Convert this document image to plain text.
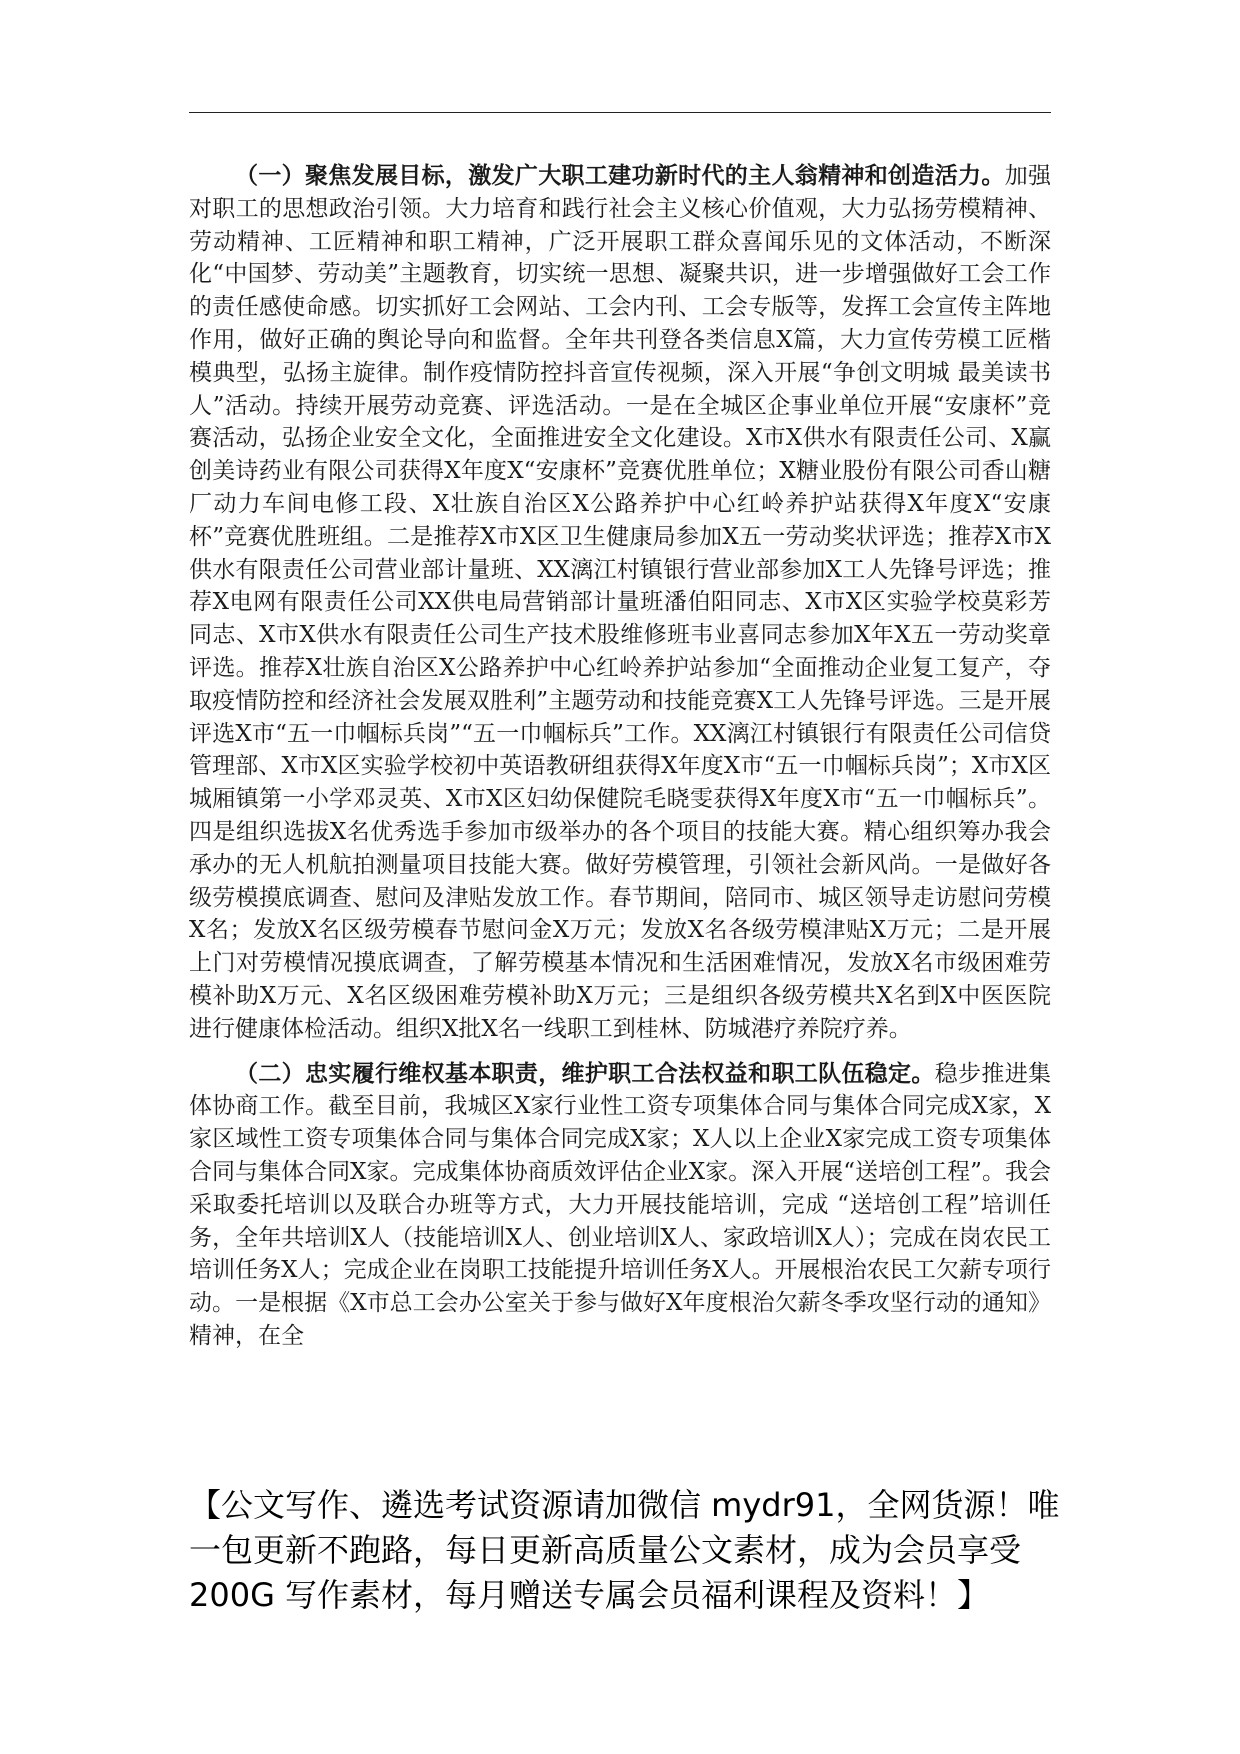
（一）聚焦发展目标，激发广大职工建功新时代的主人翁精神和创造活力。加强对职工的思想政治引领。大力培育和践行社会主义核心价值观，大力弘扬劳模精神、劳动精神、工匠精神和职工精神，广泛开展职工群众喜闻乐见的文体活动，不断深化“中国梦、劳动美”主题教育，切实统一思想、凝聚共识，进一步增强做好工会工作的责任感使命感。切实抓好工会网站、工会内刊、工会专版等，发挥工会宣传主阵地作用，做好正确的舆论导向和监督。全年共刊登各类信息X篇，大力宣传劳模工匠楷模典型，弘扬主旋律。制作疫情防控抖音宣传视频，深入开展“争创文明城 最美读书人”活动。持续开展劳动竞赛、评选活动。一是在全城区企事业单位开展“安康杯”竞赛活动，弘扬企业安全文化，全面推进安全文化建设。X市X供水有限责任公司、X赢创美诗药业有限公司获得X年度X“安康杯”竞赛优胜单位；X糖业股份有限公司香山糖厂动力车间电修工段、X壮族自治区X公路养护中心红岭养护站获得X年度X“安康杯”竞赛优胜班组。二是推荐X市X区卫生健康局参加X五一劳动奖状评选；推荐X市X供水有限责任公司营业部计量班、XX漓江村镇银行营业部参加X工人先锋号评选；推荐X电网有限责任公司XX供电局营销部计量班潘伯阳同志、X市X区实验学校莫彩芳同志、X市X供水有限责任公司生产技术股维修班韦业喜同志参加X年X五一劳动奖章评选。推荐X壮族自治区X公路养护中心红岭养护站参加“全面推动企业复工复产，夺取疫情防控和经济社会发展双胜利”主题劳动和技能竞赛X工人先锋号评选。三是开展评选X市“五一巾帼标兵岗”“五一巾帼标兵”工作。XX漓江村镇银行有限责任公司信贷管理部、X市X区实验学校初中英语教研组获得X年度X市“五一巾帼标兵岗”；X市X区城厢镇第一小学邓灵英、X市X区妇幼保健院毛晓雯获得X年度X市“五一巾帼标兵”。四是组织选拔X名优秀选手参加市级举办的各个项目的技能大赛。精心组织筹办我会承办的无人机航拍测量项目技能大赛。做好劳模管理，引领社会新风尚。一是做好各级劳模摸底调查、慰问及津贴发放工作。春节期间，陪同市、城区领导走访慰问劳模X名；发放X名区级劳模春节慰问金X万元；发放X名各级劳模津贴X万元；二是开展上门对劳模情况摸底调查，了解劳模基本情况和生活困难情况，发放X名市级困难劳模补助X万元、X名区级困难劳模补助X万元；三是组织各级劳模共X名到X中医医院进行健康体检活动。组织X批X名一线职工到桂林、防城港疗养院疗养。

（二）忠实履行维权基本职责，维护职工合法权益和职工队伍稳定。稳步推进集体协商工作。截至目前，我城区X家行业性工资专项集体合同与集体合同完成X家，X家区域性工资专项集体合同与集体合同完成X家；X人以上企业X家完成工资专项集体合同与集体合同X家。完成集体协商质效评估企业X家。深入开展“送培创工程”。我会采取委托培训以及联合办班等方式，大力开展技能培训，完成 “送培创工程”培训任务，全年共培训X人（技能培训X人、创业培训X人、家政培训X人）；完成在岗农民工培训任务X人；完成企业在岗职工技能提升培训任务X人。开展根治农民工欠薪专项行动。一是根据《X市总工会办公室关于参与做好X年度根治欠薪冬季攻坚行动的通知》精神，在全

【公文写作、遴选考试资源请加微信 mydr91，全网货源！唯一包更新不跑路，每日更新高质量公文素材，成为会员享受 200G 写作素材，每月赠送专属会员福利课程及资料！】
